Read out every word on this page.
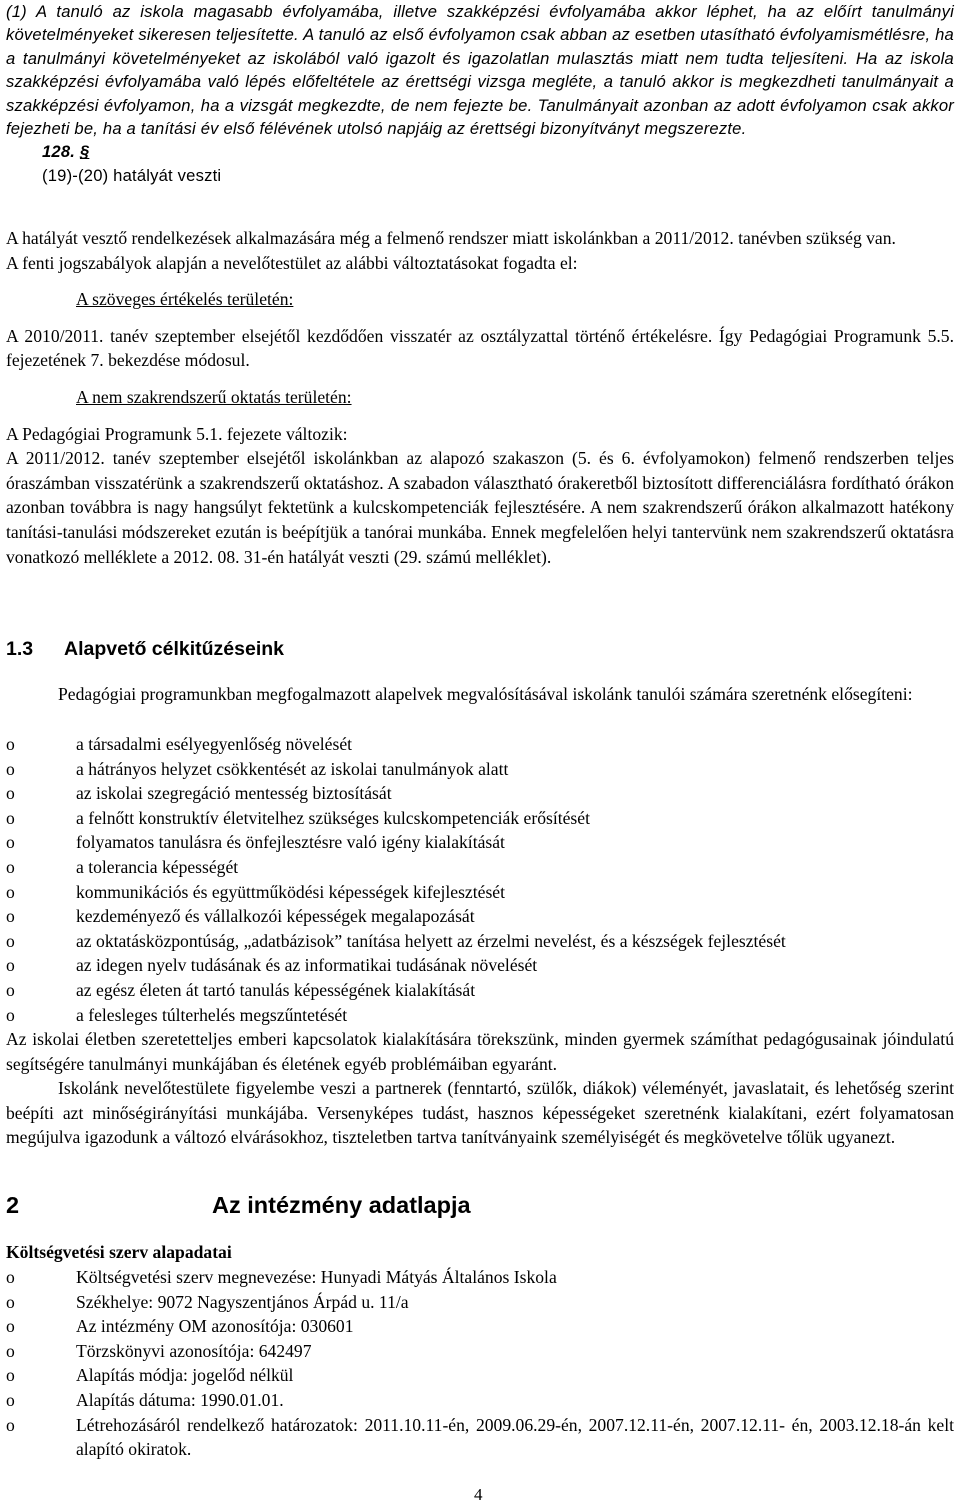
(1) A tanuló az iskola magasabb évfolyamába, illetve szakképzési évfolyamába akkor léphet, ha az előírt tanulmányi követelményeket sikeresen teljesítette. A tanuló az első évfolyamon csak abban az esetben utasítható évfolyamismétlésre, ha a tanulmányi követelményeket az iskolából való igazolt és igazolatlan mulasztás miatt nem tudta teljesíteni. Ha az iskola szakképzési évfolyamába való lépés előfeltétele az érettségi vizsga megléte, a tanuló akkor is megkezdheti tanulmányait a szakképzési évfolyamon, ha a vizsgát megkezdte, de nem fejezte be. Tanulmányait azonban az adott évfolyamon csak akkor fejezheti be, ha a tanítási év első félévének utolsó napjáig az érettségi bizonyítványt megszerezte.

128. §

(19)-(20) hatályát veszti

A hatályát vesztő rendelkezések alkalmazására még a felmenő rendszer miatt iskolánkban a 2011/2012. tanévben szükség van.

A fenti jogszabályok alapján a nevelőtestület az alábbi változtatásokat fogadta el:

A szöveges értékelés területén:

A 2010/2011. tanév szeptember elsejétől kezdődően visszatér az osztályzattal történő értékelésre. Így Pedagógiai Programunk 5.5. fejezetének 7. bekezdése módosul.

A nem szakrendszerű oktatás területén:

A Pedagógiai Programunk 5.1. fejezete változik:

A 2011/2012. tanév szeptember elsejétől iskolánkban az alapozó szakaszon (5. és 6. évfolyamokon) felmenő rendszerben teljes óraszámban visszatérünk a szakrendszerű oktatáshoz. A szabadon választható órakeretből biztosított differenciálásra fordítható órákon azonban továbbra is nagy hangsúlyt fektetünk a kulcskompetenciák fejlesztésére. A nem szakrendszerű órákon alkalmazott hatékony tanítási-tanulási módszereket ezután is beépítjük a tanórai munkába. Ennek megfelelően helyi tantervünk nem szakrendszerű oktatásra vonatkozó melléklete a 2012. 08. 31-én hatályát veszti (29. számú melléklet).

1.3 Alapvető célkitűzéseink

Pedagógiai programunkban megfogalmazott alapelvek megvalósításával iskolánk tanulói számára szeretnénk elősegíteni:

o	a társadalmi esélyegyenlőség növelését
o	a hátrányos helyzet csökkentését az iskolai tanulmányok alatt
o	az iskolai szegregáció mentesség biztosítását
o	a felnőtt konstruktív életvitelhez szükséges kulcskompetenciák erősítését
o	folyamatos tanulásra és önfejlesztésre való igény kialakítását
o	a tolerancia képességét
o	kommunikációs és együttműködési képességek kifejlesztését
o	kezdeményező és vállalkozói képességek megalapozását
o	az oktatásközpontúság, „adatbázisok” tanítása helyett az érzelmi nevelést, és a készségek fejlesztését
o	az idegen nyelv tudásának és az informatikai tudásának növelését
o	az egész életen át tartó tanulás képességének kialakítását
o	a felesleges túlterhelés megszűntetését

Az iskolai életben szeretetteljes emberi kapcsolatok kialakítására törekszünk, minden gyermek számíthat pedagógusainak jóindulatú segítségére tanulmányi munkájában és életének egyéb problémáiban egyaránt.

Iskolánk nevelőtestülete figyelembe veszi a partnerek (fenntartó, szülők, diákok) véleményét, javaslatait, és lehetőség szerint beépíti azt minőségirányítási munkájába. Versenyképes tudást, hasznos képességeket szeretnénk kialakítani, ezért folyamatosan megújulva igazodunk a változó elvárásokhoz, tiszteletben tartva tanítványaink személyiségét és megkövetelve tőlük ugyanezt.

2	Az intézmény adatlapja

Költségvetési szerv alapadatai

o	Költségvetési szerv megnevezése: Hunyadi Mátyás Általános Iskola
o	Székhelye: 9072 Nagyszentjános Árpád u. 11/a
o	Az intézmény OM azonosítója: 030601
o	Törzskönyvi azonosítója: 642497
o	Alapítás módja: jogelőd nélkül
o	Alapítás dátuma: 1990.01.01.
o	Létrehozásáról rendelkező határozatok: 2011.10.11-én, 2009.06.29-én, 2007.12.11-én, 2007.12.11- én, 2003.12.18-án kelt alapító okiratok.
4
